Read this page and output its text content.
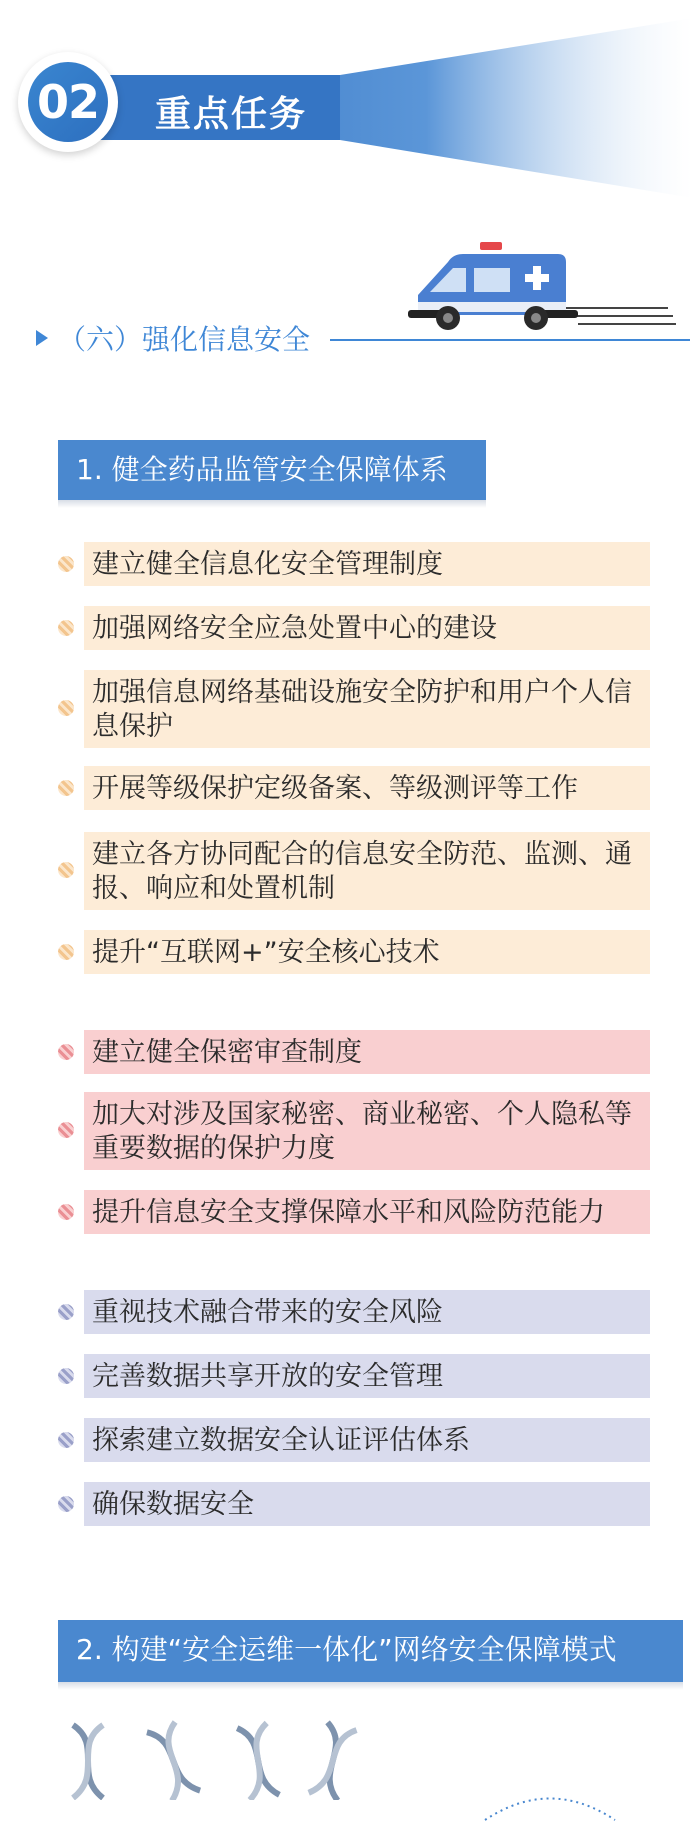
02 重点任务
（六）强化信息安全
1. 健全药品监管安全保障体系
建立健全信息化安全管理制度
加强网络安全应急处置中心的建设
加强信息网络基础设施安全防护和用户个人信息保护
开展等级保护定级备案、等级测评等工作
建立各方协同配合的信息安全防范、监测、通报、响应和处置机制
提升“互联网+”安全核心技术
建立健全保密审查制度
加大对涉及国家秘密、商业秘密、个人隐私等重要数据的保护力度
提升信息安全支撑保障水平和风险防范能力
重视技术融合带来的安全风险
完善数据共享开放的安全管理
探索建立数据安全认证评估体系
确保数据安全
2. 构建“安全运维一体化”网络安全保障模式
